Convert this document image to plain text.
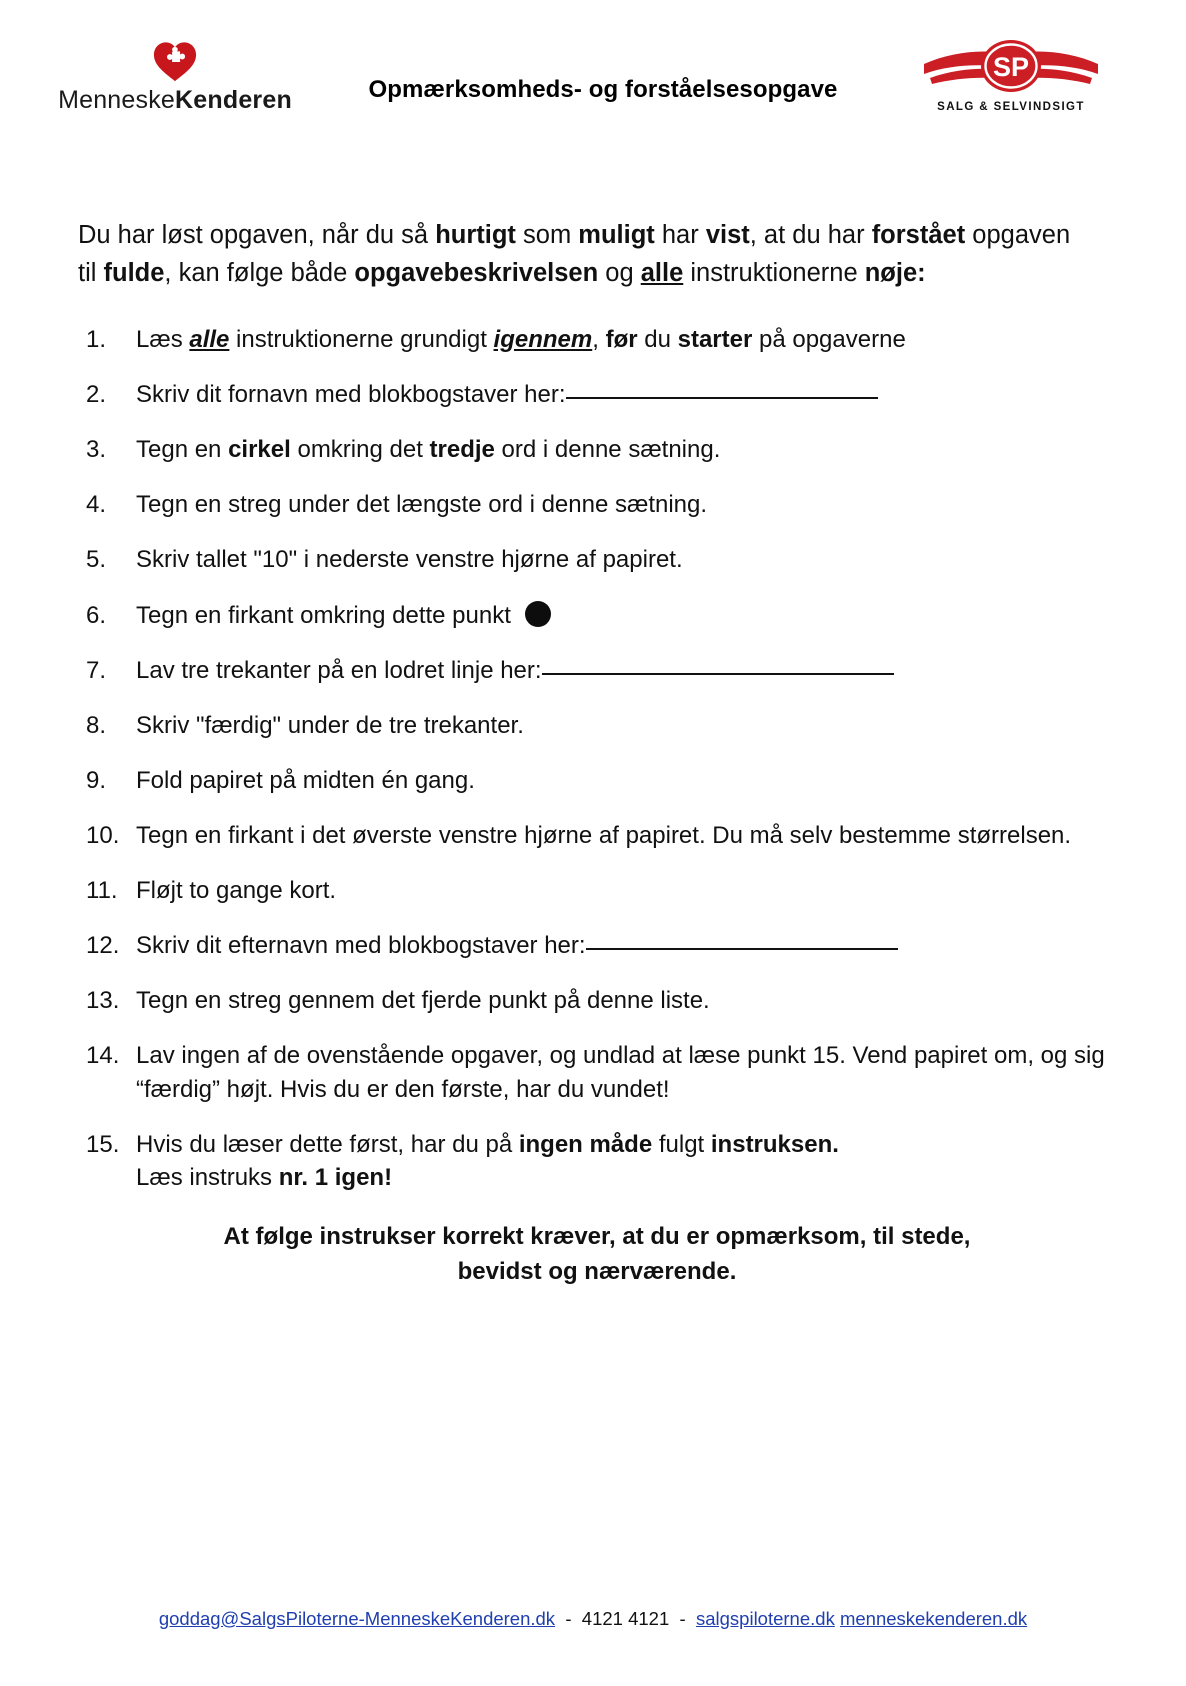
MenneskeKenderen	Opmærksomheds- og forståelsesopgave
SP
SALG & SELVINDSIGT

Du har løst opgaven, når du så hurtigt som muligt har vist, at du har forstået opgaven til fulde, kan følge både opgavebeskrivelsen og alle instruktionerne nøje:

1.	Læs alle instruktionerne grundigt igennem, før du starter på opgaverne
2.	Skriv dit fornavn med blokbogstaver her:
3.	Tegn en cirkel omkring det tredje ord i denne sætning.
4.	Tegn en streg under det længste ord i denne sætning.
5.	Skriv tallet "10" i nederste venstre hjørne af papiret.
6.	Tegn en firkant omkring dette punkt
7.	Lav tre trekanter på en lodret linje her:
8.	Skriv "færdig" under de tre trekanter.
9.	Fold papiret på midten én gang.
10. Tegn en firkant i det øverste venstre hjørne af papiret. Du må selv bestemme størrelsen.
11. Fløjt to gange kort.
12. Skriv dit efternavn med blokbogstaver her:
13. Tegn en streg gennem det fjerde punkt på denne liste.
14. Lav ingen af de ovenstående opgaver, og undlad at læse punkt 15. Vend papiret om, og sig “færdig” højt. Hvis du er den første, har du vundet!
15. Hvis du læser dette først, har du på ingen måde fulgt instruksen.
Læs instruks nr. 1 igen!
At følge instrukser korrekt kræver, at du er opmærksom, til stede,
bevidst og nærværende.
goddag@SalgsPiloterne-MenneskeKenderen.dk - 4121 4121 - salgspiloterne.dk menneskekenderen.dk
